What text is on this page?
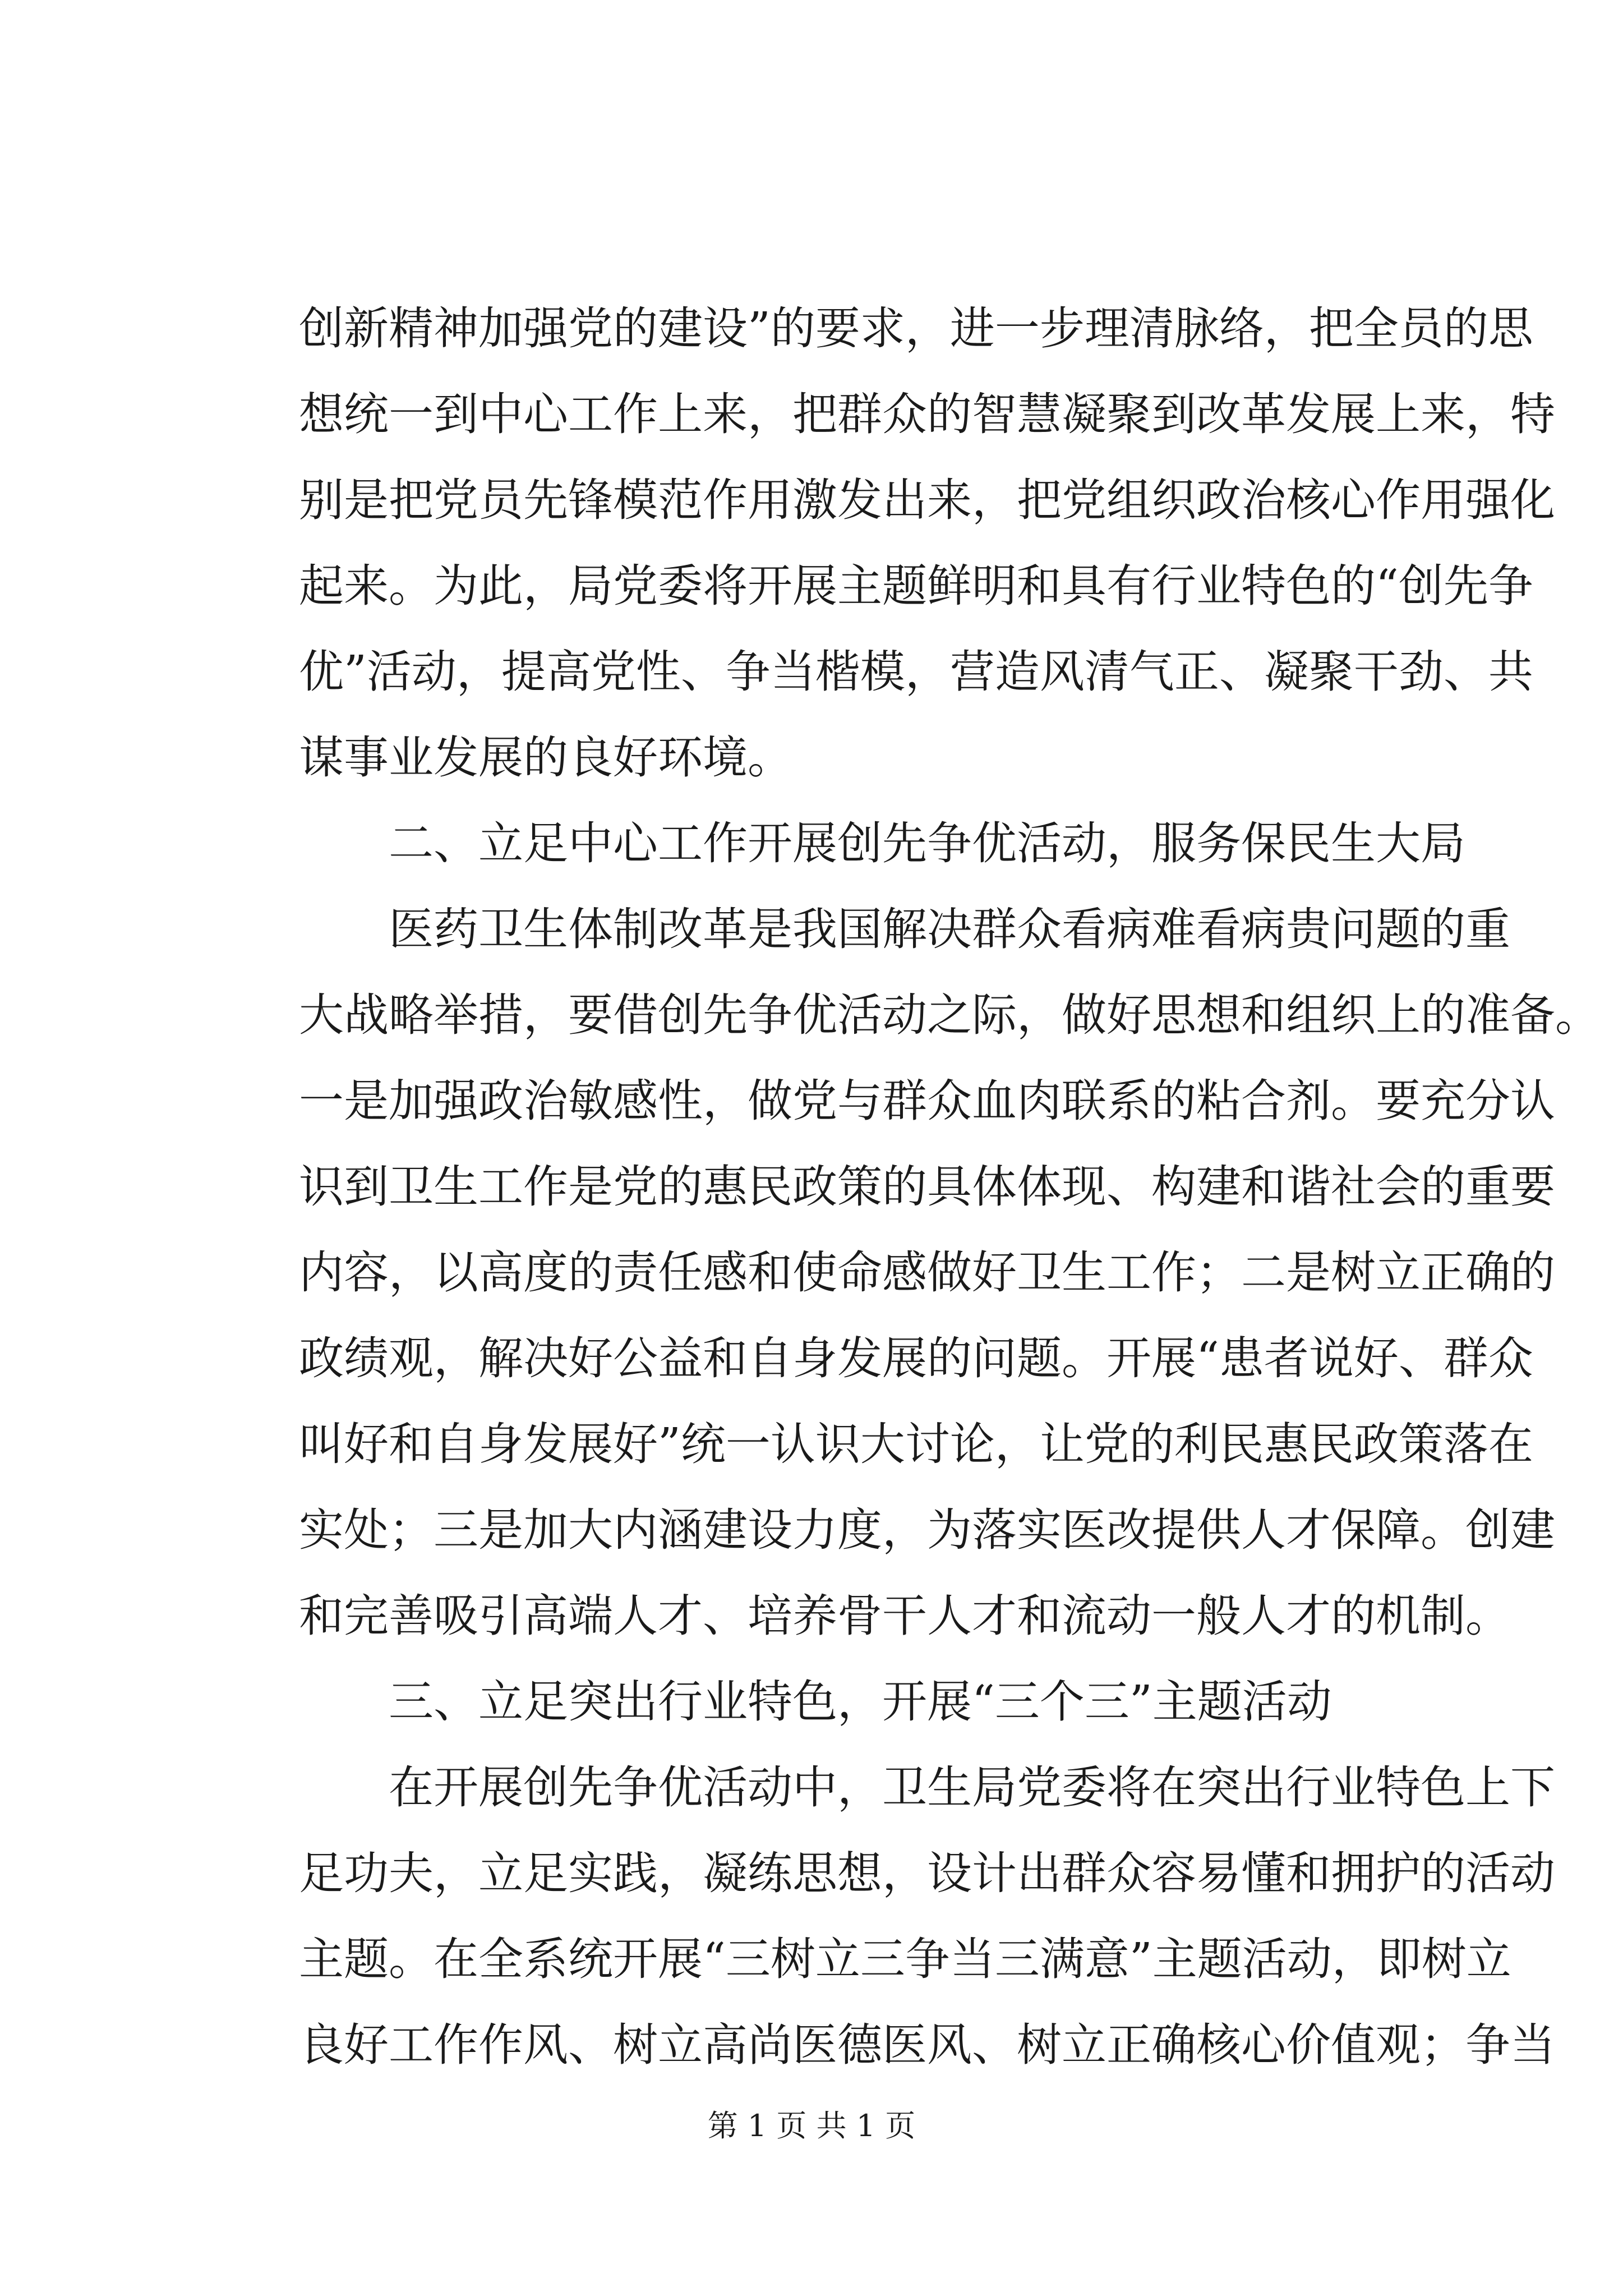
创新精神加强党的建设”的要求，进一步理清脉络，把全员的思
想统一到中心工作上来，把群众的智慧凝聚到改革发展上来，特
别是把党员先锋模范作用激发出来，把党组织政治核心作用强化
起来。为此，局党委将开展主题鲜明和具有行业特色的“创先争
优”活动，提高党性、争当楷模，营造风清气正、凝聚干劲、共
谋事业发展的良好环境。
二、立足中心工作开展创先争优活动，服务保民生大局
医药卫生体制改革是我国解决群众看病难看病贵问题的重
大战略举措，要借创先争优活动之际，做好思想和组织上的准备。
一是加强政治敏感性，做党与群众血肉联系的粘合剂。要充分认
识到卫生工作是党的惠民政策的具体体现、构建和谐社会的重要
内容，以高度的责任感和使命感做好卫生工作；二是树立正确的
政绩观，解决好公益和自身发展的问题。开展“患者说好、群众
叫好和自身发展好”统一认识大讨论，让党的利民惠民政策落在
实处；三是加大内涵建设力度，为落实医改提供人才保障。创建
和完善吸引高端人才、培养骨干人才和流动一般人才的机制。
三、立足突出行业特色，开展“三个三”主题活动
在开展创先争优活动中，卫生局党委将在突出行业特色上下
足功夫，立足实践，凝练思想，设计出群众容易懂和拥护的活动
主题。在全系统开展“三树立三争当三满意”主题活动，即树立
良好工作作风、树立高尚医德医风、树立正确核心价值观；争当
第 1 页 共 1 页
